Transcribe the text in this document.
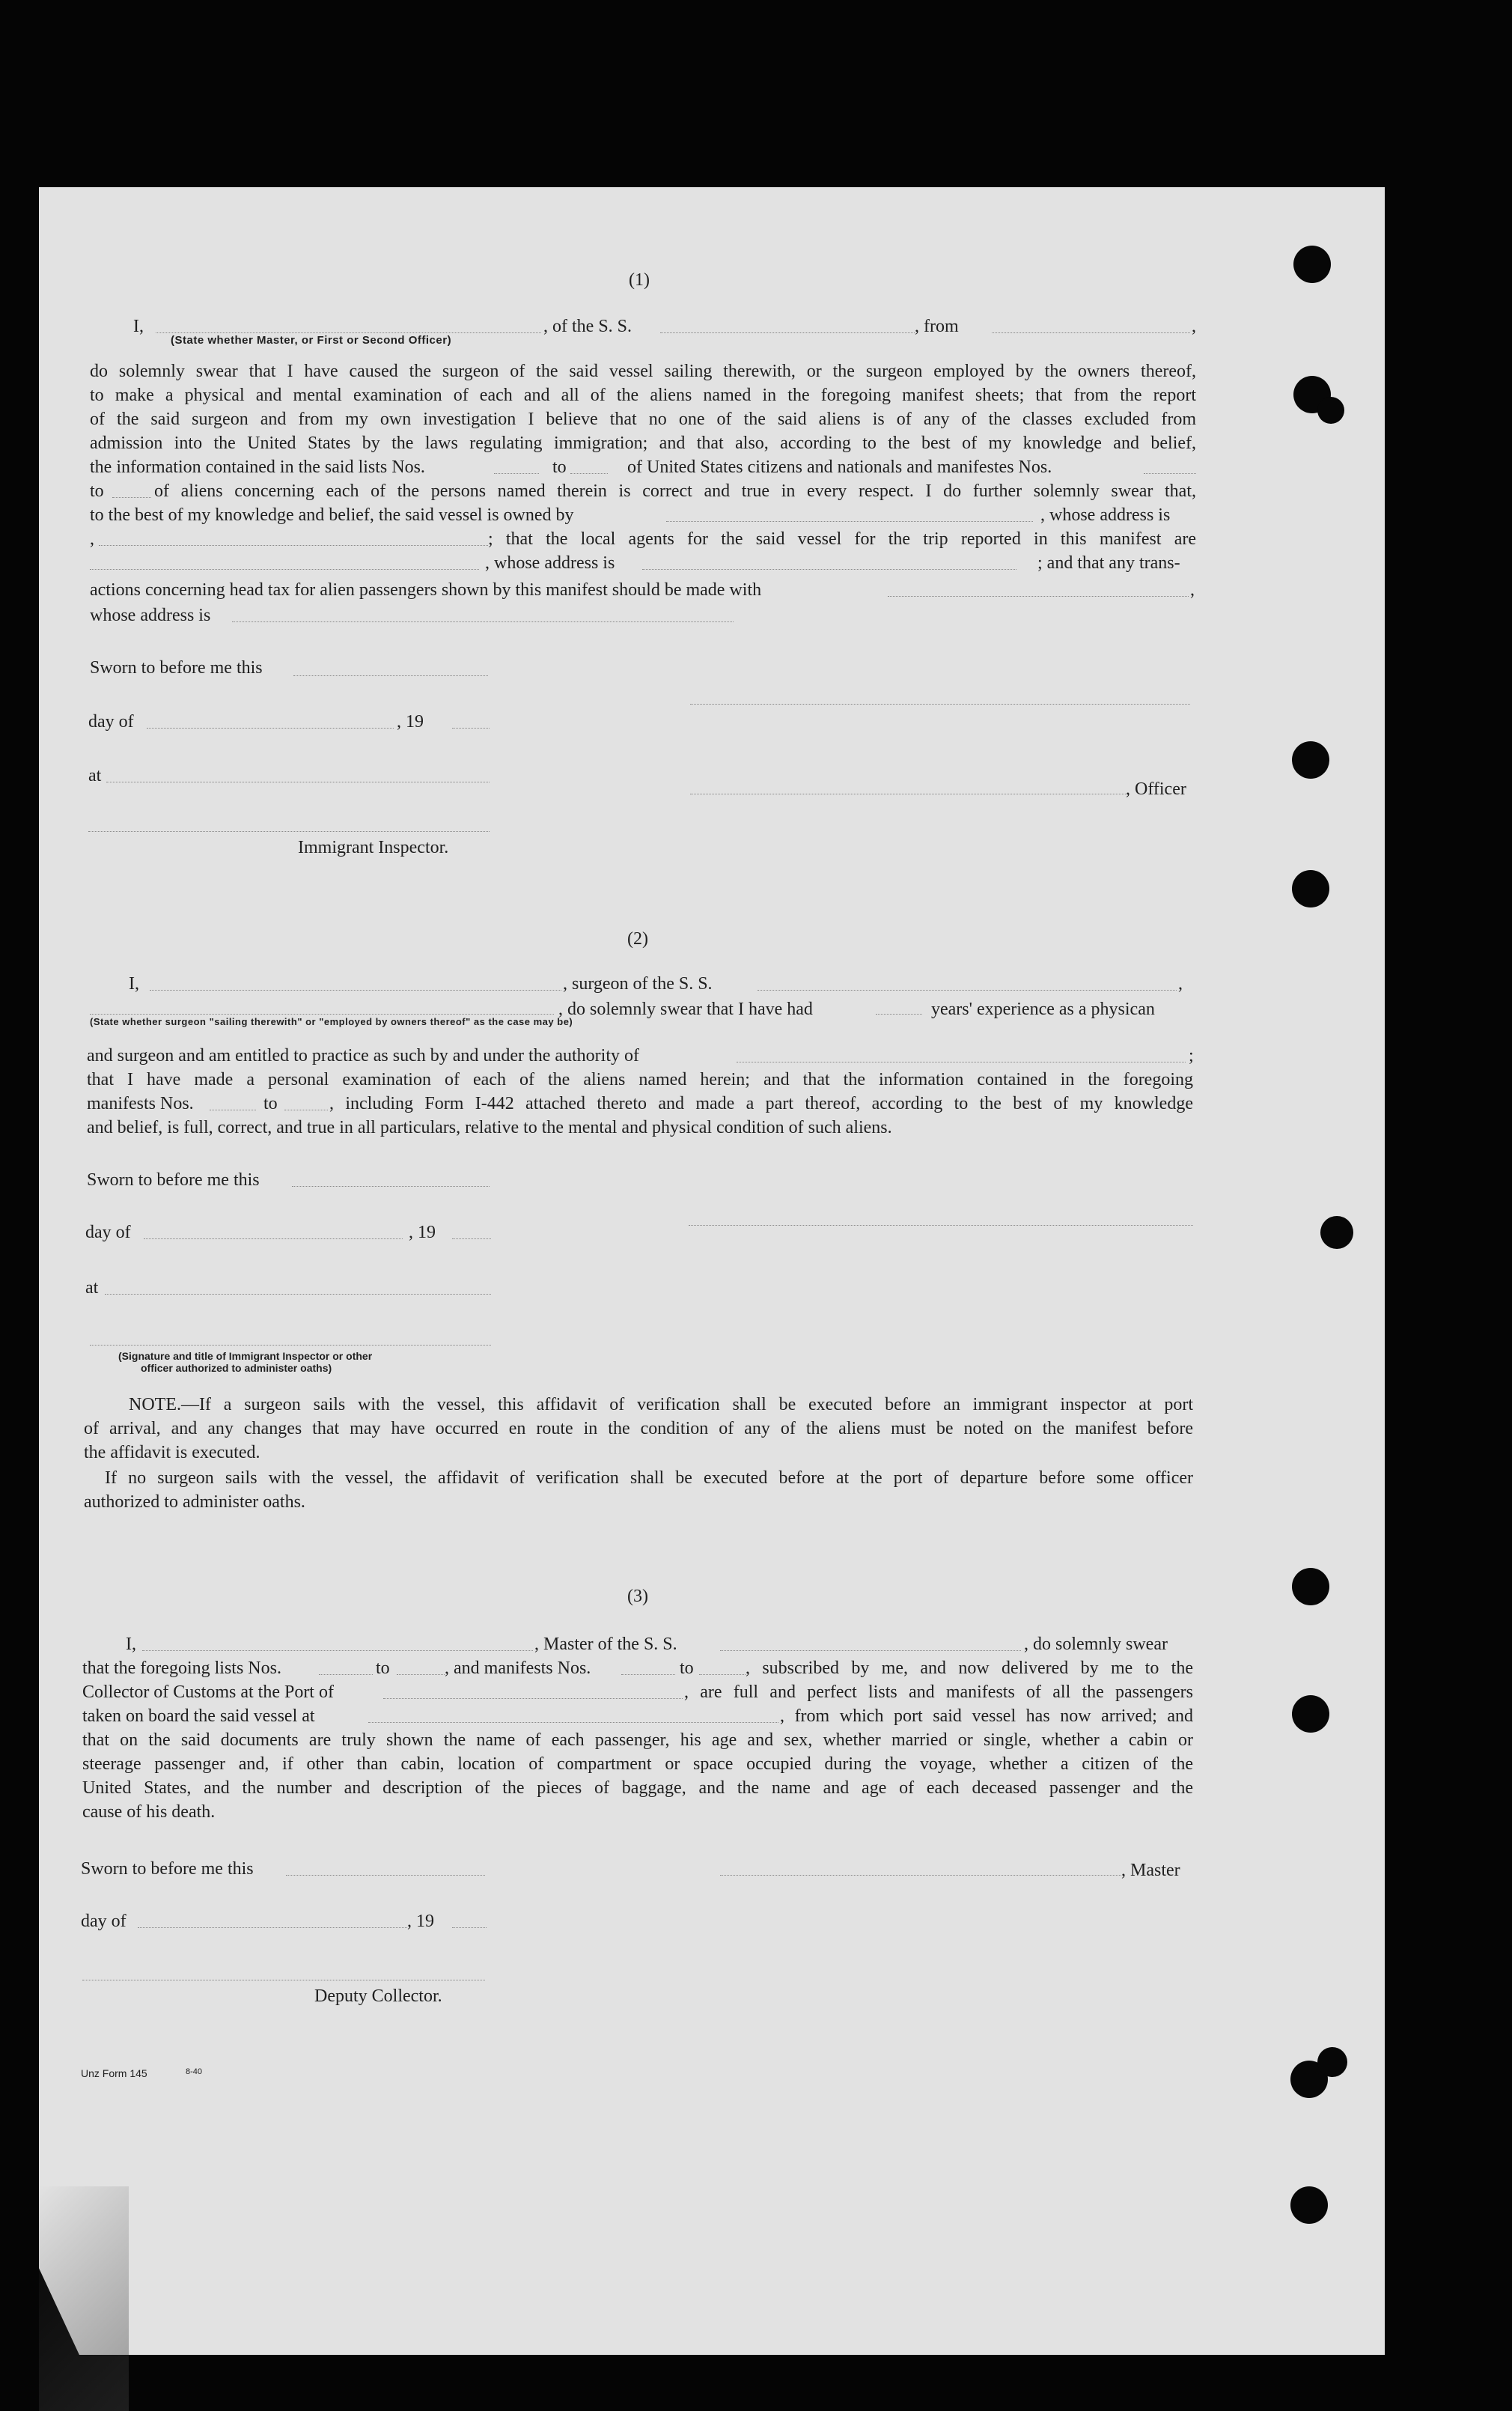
(1)
I,	, of the S. S.	, from	,
(State whether Master, or First or Second Officer)
do solemnly swear that I have caused the surgeon of the said vessel sailing therewith, or the surgeon employed by the owners thereof,
to make a physical and mental examination of each and all of the aliens named in the foregoing manifest sheets; that from the report
of the said surgeon and from my own investigation I believe that no one of the said aliens is of any of the classes excluded from
admission into the United States by the laws regulating immigration; and that also, according to the best of my knowledge and belief,
the information contained in the said lists Nos.	to	of United States citizens and nationals and manifestes Nos.
to	of aliens concerning each of the persons named therein is correct and true in every respect. I do further solemnly swear that,
to the best of my knowledge and belief, the said vessel is owned by	, whose address is
,	; that the local agents for the said vessel for the trip reported in this manifest are
, whose address is	; and that any trans-
actions concerning head tax for alien passengers shown by this manifest should be made with	,
whose address is
Sworn to before me this
day of	, 19
at
, Officer
Immigrant Inspector.
(2)
I,	, surgeon of the S. S.	,
, do solemnly swear that I have had	years' experience as a physican
(State whether surgeon "sailing therewith" or "employed by owners thereof" as the case may be)
and surgeon and am entitled to practice as such by and under the authority of	;
that I have made a personal examination of each of the aliens named herein; and that the information contained in the foregoing
manifests Nos.	to	, including Form I-442 attached thereto and made a part thereof, according to the best of my knowledge
and belief, is full, correct, and true in all particulars, relative to the mental and physical condition of such aliens.
Sworn to before me this
day of	, 19
at
(Signature and title of Immigrant Inspector or other
officer authorized to administer oaths)
NOTE.—If a surgeon sails with the vessel, this affidavit of verification shall be executed before an immigrant inspector at port
of arrival, and any changes that may have occurred en route in the condition of any of the aliens must be noted on the manifest before
the affidavit is executed.
If no surgeon sails with the vessel, the affidavit of verification shall be executed before at the port of departure before some officer
authorized to administer oaths.
(3)
I,	, Master of the S. S.	, do solemnly swear
that the foregoing lists Nos.	to	, and manifests Nos.	to	, subscribed by me, and now delivered by me to the
Collector of Customs at the Port of	, are full and perfect lists and manifests of all the passengers
taken on board the said vessel at	, from which port said vessel has now arrived; and
that on the said documents are truly shown the name of each passenger, his age and sex, whether married or single, whether a cabin or
steerage passenger and, if other than cabin, location of compartment or space occupied during the voyage, whether a citizen of the
United States, and the number and description of the pieces of baggage, and the name and age of each deceased passenger and the
cause of his death.
Sworn to before me this	, Master
day of	, 19
Deputy Collector.
Unz Form 145	8-40
